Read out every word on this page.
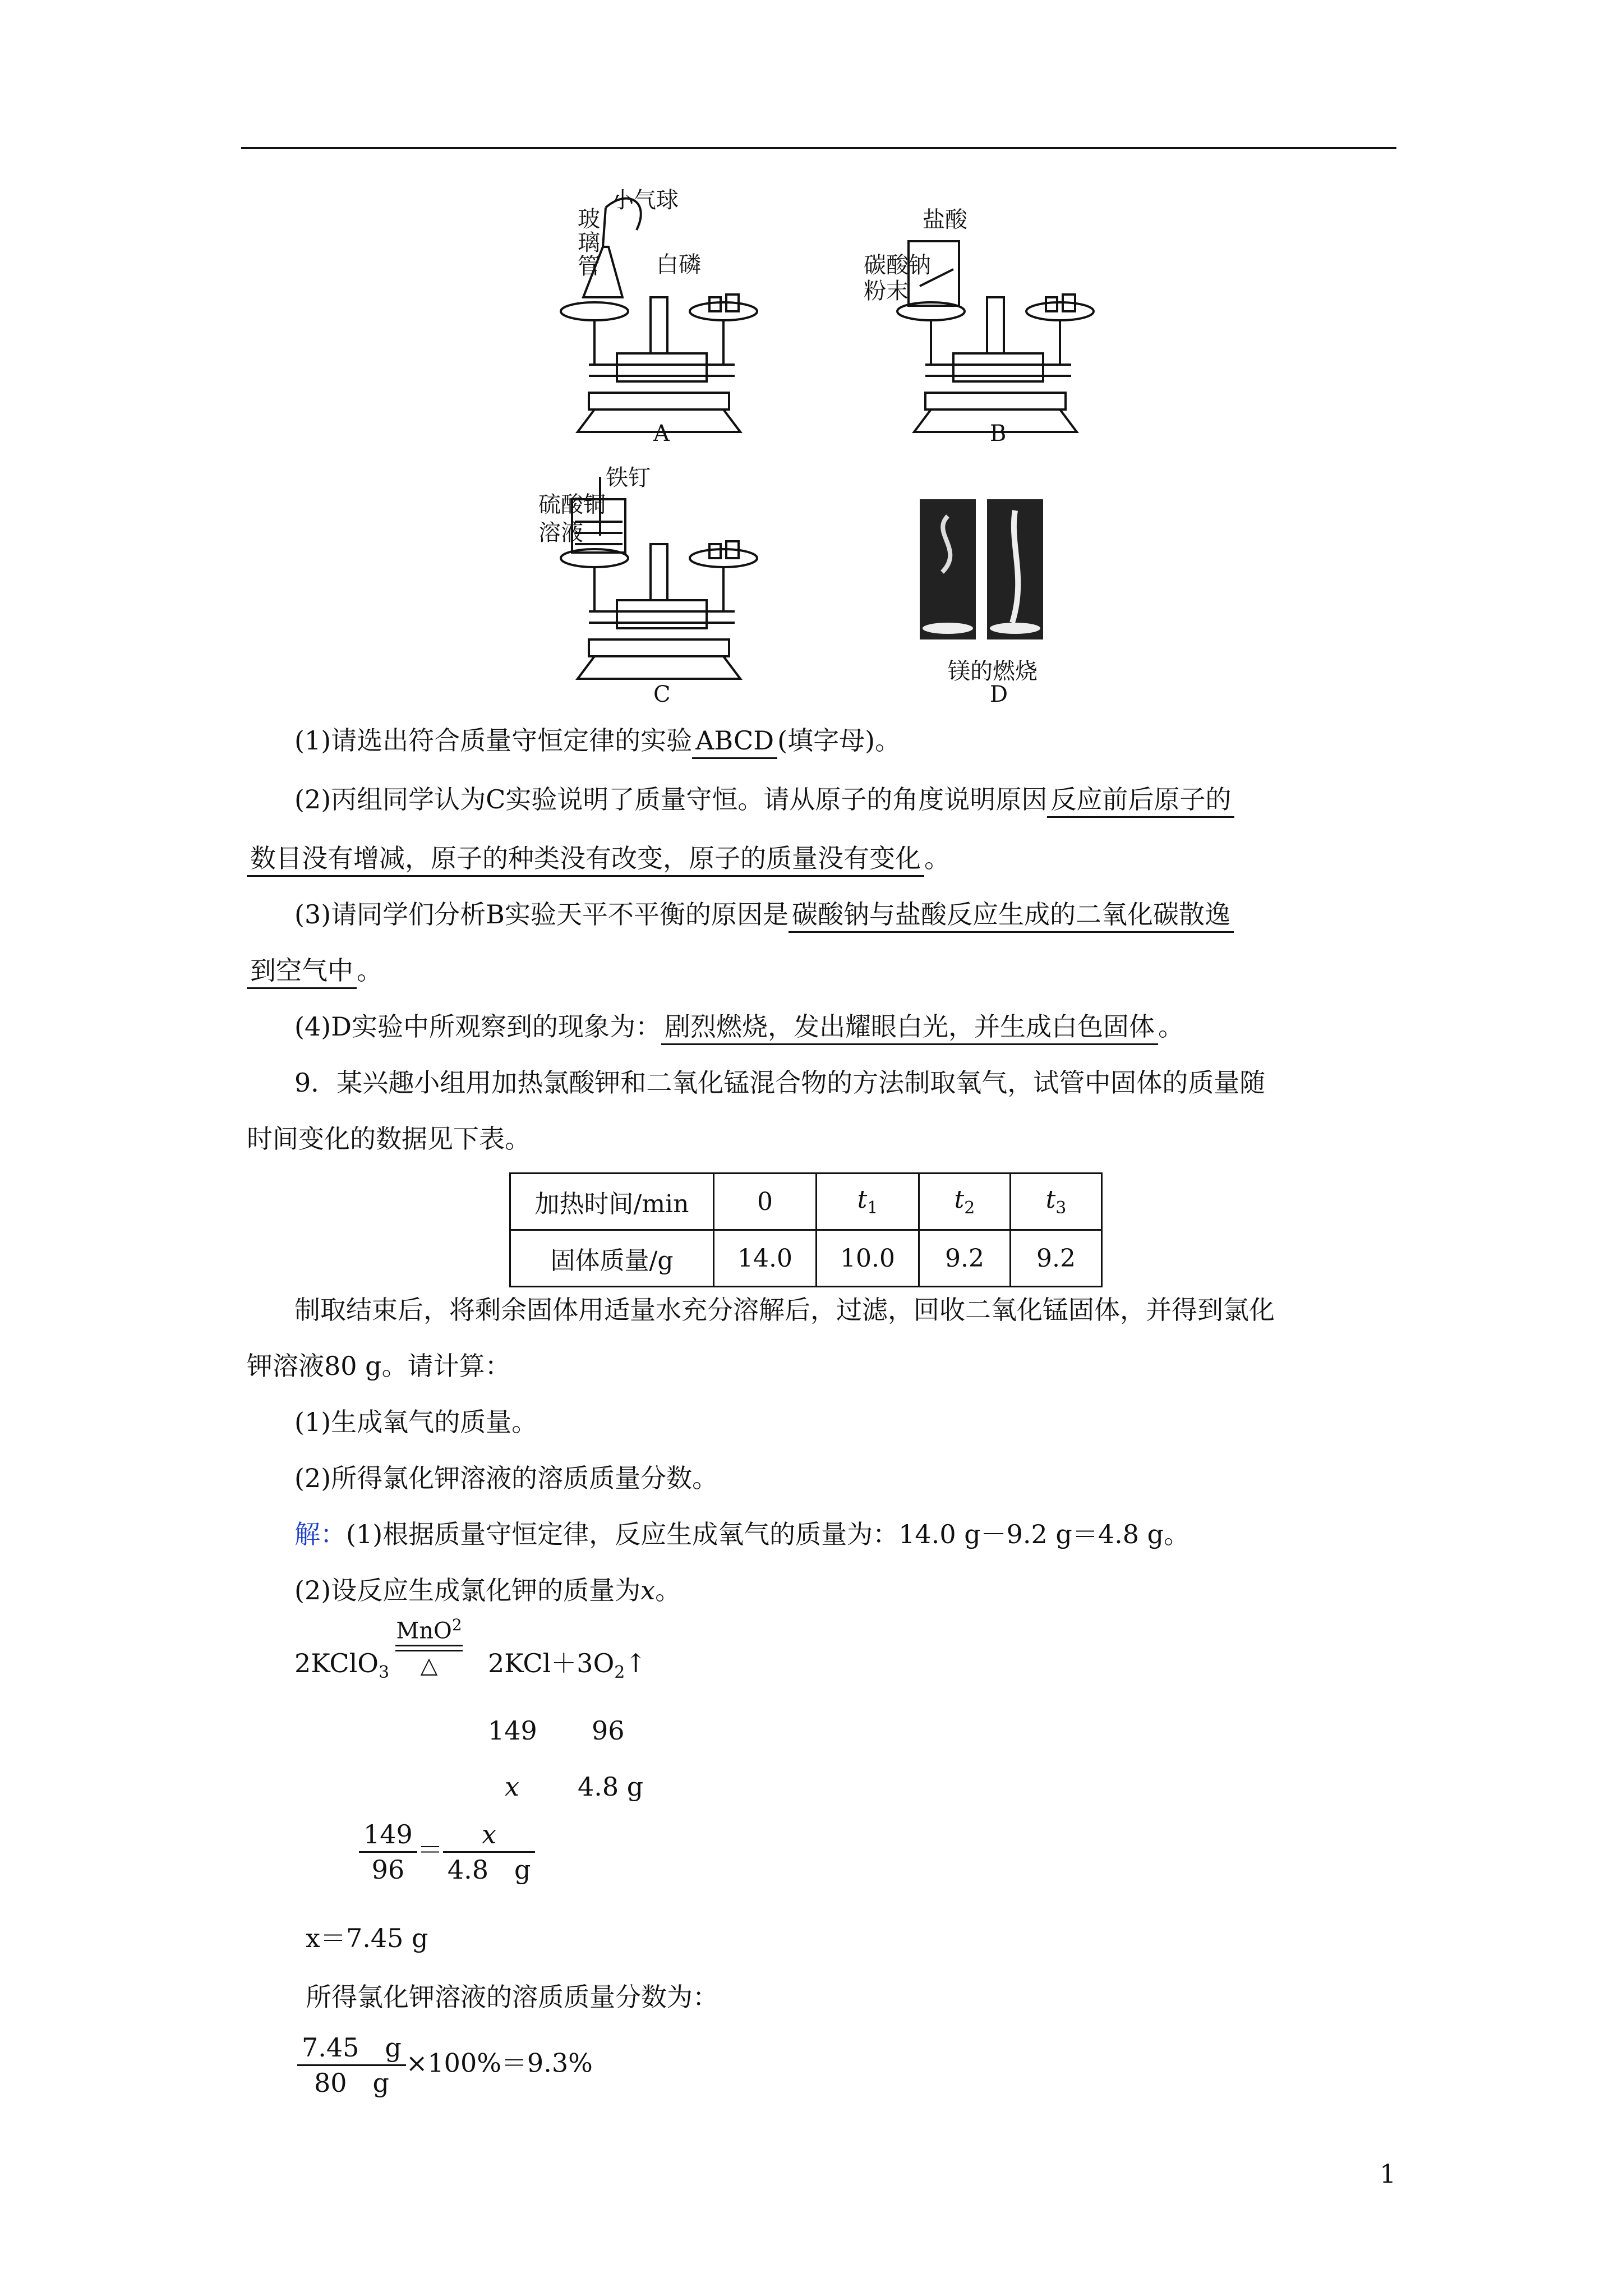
小气球
玻璃管	白磷
盐酸
碳酸钠粉末
铁钉
硫酸铜溶液
镁的燃烧
A	B
C	D
(1)请选出符合质量守恒定律的实验 ABCD (填字母)。
(2)丙组同学认为C实验说明了质量守恒。请从原子的角度说明原因 反应前后原子的
数目没有增减，原子的种类没有改变，原子的质量没有变化 。
(3)请同学们分析B实验天平不平衡的原因是 碳酸钠与盐酸反应生成的二氧化碳散逸
到空气中 。
(4)D实验中所观察到的现象为： 剧烈燃烧，发出耀眼白光，并生成白色固体 。
9．某兴趣小组用加热氯酸钾和二氧化锰混合物的方法制取氧气，试管中固体的质量随
时间变化的数据见下表。
加热时间/min	0	$t_1$	$t_2$	$t_3$
固体质量/g	14.0	10.0	9.2	9.2
制取结束后，将剩余固体用适量水充分溶解后，过滤，回收二氧化锰固体，并得到氯化
钾溶液80 g。请计算：
(1)生成氧气的质量。
(2)所得氯化钾溶液的溶质质量分数。
解：(1)根据质量守恒定律，反应生成氧气的质量为：14.0 g－9.2 g＝4.8 g。
(2)设反应生成氯化钾的质量为x。
2KClO$_3$
MnO$^2$
△	$2KCl+3O_2↑$
149 96
x 4.8 g
$\frac{149}{96} = \frac{x}{4.8 g}$
x＝7.45 g
所得氯化钾溶液的溶质质量分数为：
$\frac{7.45 g}{80 g} \times 100\%=9.3\%$
1
